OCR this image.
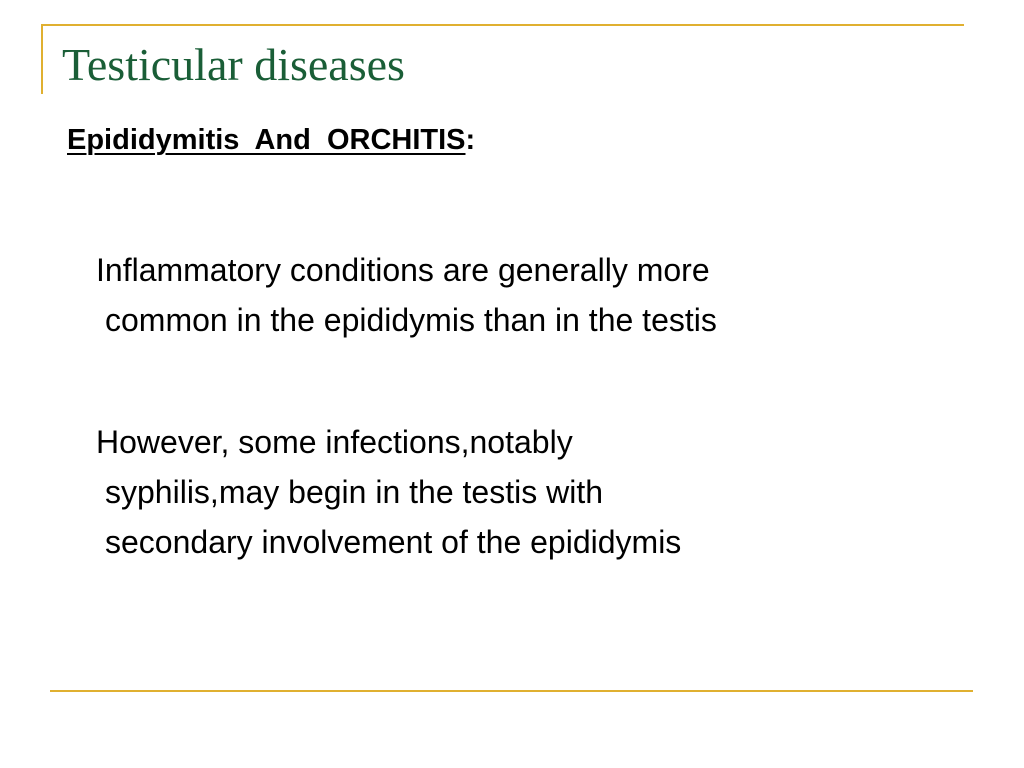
Testicular diseases
Epididymitis  And  ORCHITIS:

Inflammatory conditions are generally more
common in the epididymis than in the testis

However, some infections,notably
syphilis,may begin in the testis with
secondary involvement of the epididymis
